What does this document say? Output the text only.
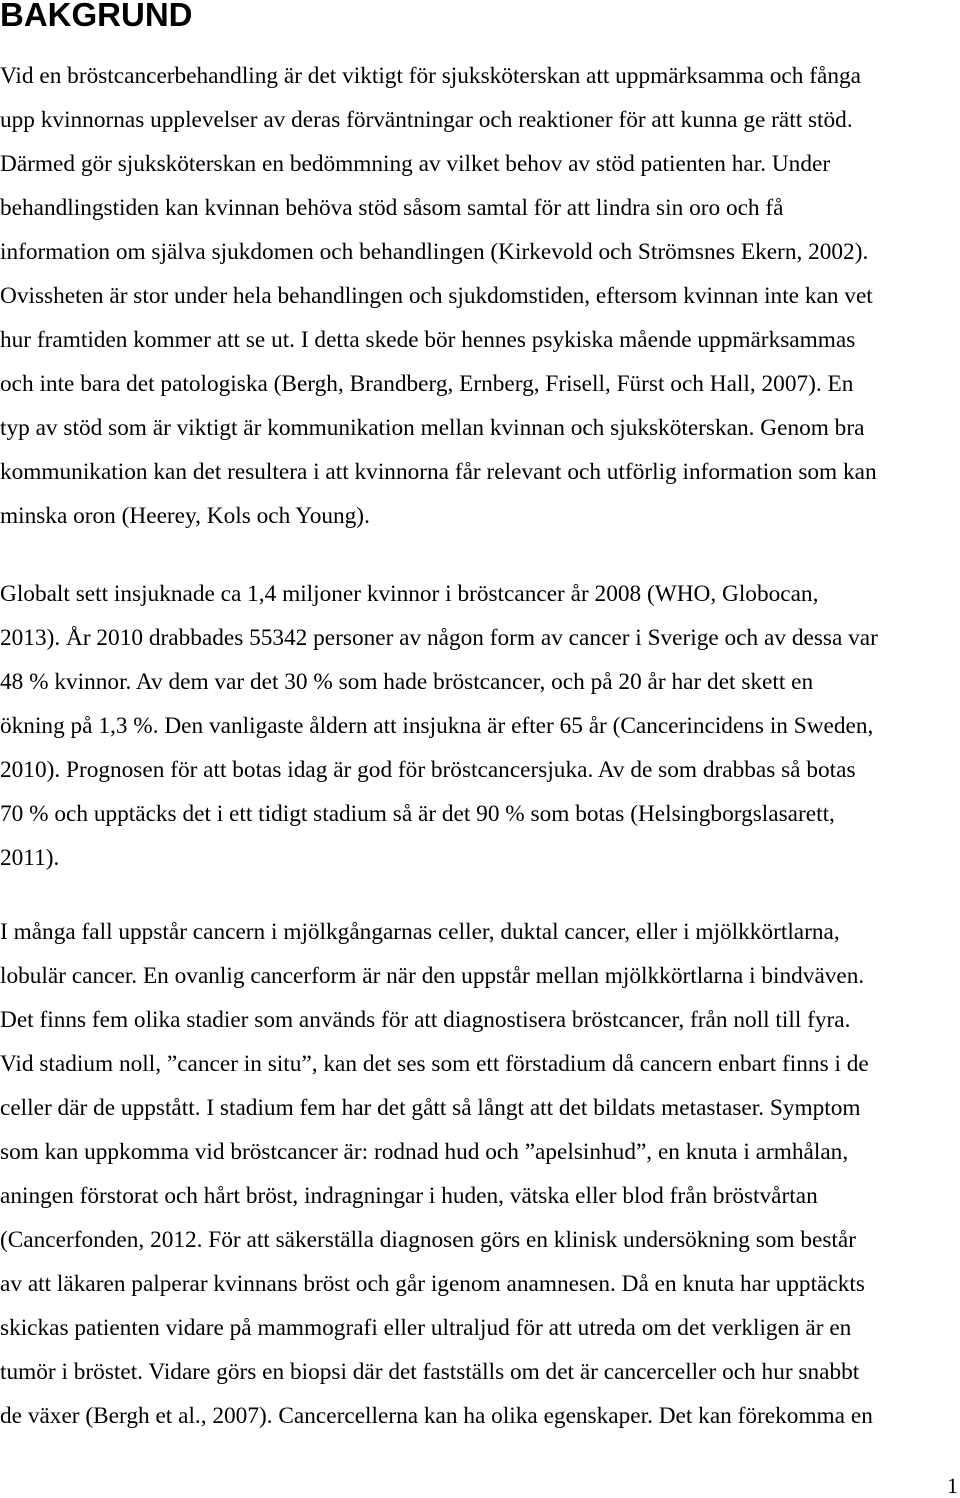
BAKGRUND

Vid en bröstcancerbehandling är det viktigt för sjuksköterskan att uppmärksamma och fånga
upp kvinnornas upplevelser av deras förväntningar och reaktioner för att kunna ge rätt stöd.
Därmed gör sjuksköterskan en bedömmning av vilket behov av stöd patienten har. Under
behandlingstiden kan kvinnan behöva stöd såsom samtal för att lindra sin oro och få
information om själva sjukdomen och behandlingen (Kirkevold och Strömsnes Ekern, 2002).
Ovissheten är stor under hela behandlingen och sjukdomstiden, eftersom kvinnan inte kan vet
hur framtiden kommer att se ut. I detta skede bör hennes psykiska mående uppmärksammas
och inte bara det patologiska (Bergh, Brandberg, Ernberg, Frisell, Fürst och Hall, 2007). En
typ av stöd som är viktigt är kommunikation mellan kvinnan och sjuksköterskan. Genom bra
kommunikation kan det resultera i att kvinnorna får relevant och utförlig information som kan
minska oron (Heerey, Kols och Young).

Globalt sett insjuknade ca 1,4 miljoner kvinnor i bröstcancer år 2008 (WHO, Globocan,
2013). År 2010 drabbades 55342 personer av någon form av cancer i Sverige och av dessa var
48 % kvinnor. Av dem var det 30 % som hade bröstcancer, och på 20 år har det skett en
ökning på 1,3 %. Den vanligaste åldern att insjukna är efter 65 år (Cancerincidens in Sweden,
2010). Prognosen för att botas idag är god för bröstcancersjuka. Av de som drabbas så botas
70 % och upptäcks det i ett tidigt stadium så är det 90 % som botas (Helsingborgslasarett,
2011).

I många fall uppstår cancern i mjölkgångarnas celler, duktal cancer, eller i mjölkkörtlarna,
lobulär cancer. En ovanlig cancerform är när den uppstår mellan mjölkkörtlarna i bindväven.
Det finns fem olika stadier som används för att diagnostisera bröstcancer, från noll till fyra.
Vid stadium noll, ”cancer in situ”, kan det ses som ett förstadium då cancern enbart finns i de
celler där de uppstått. I stadium fem har det gått så långt att det bildats metastaser. Symptom
som kan uppkomma vid bröstcancer är: rodnad hud och ”apelsinhud”, en knuta i armhålan,
aningen förstorat och hårt bröst, indragningar i huden, vätska eller blod från bröstvårtan
(Cancerfonden, 2012. För att säkerställa diagnosen görs en klinisk undersökning som består
av att läkaren palperar kvinnans bröst och går igenom anamnesen. Då en knuta har upptäckts
skickas patienten vidare på mammografi eller ultraljud för att utreda om det verkligen är en
tumör i bröstet. Vidare görs en biopsi där det fastställs om det är cancerceller och hur snabbt
de växer (Bergh et al., 2007). Cancercellerna kan ha olika egenskaper. Det kan förekomma en

1
